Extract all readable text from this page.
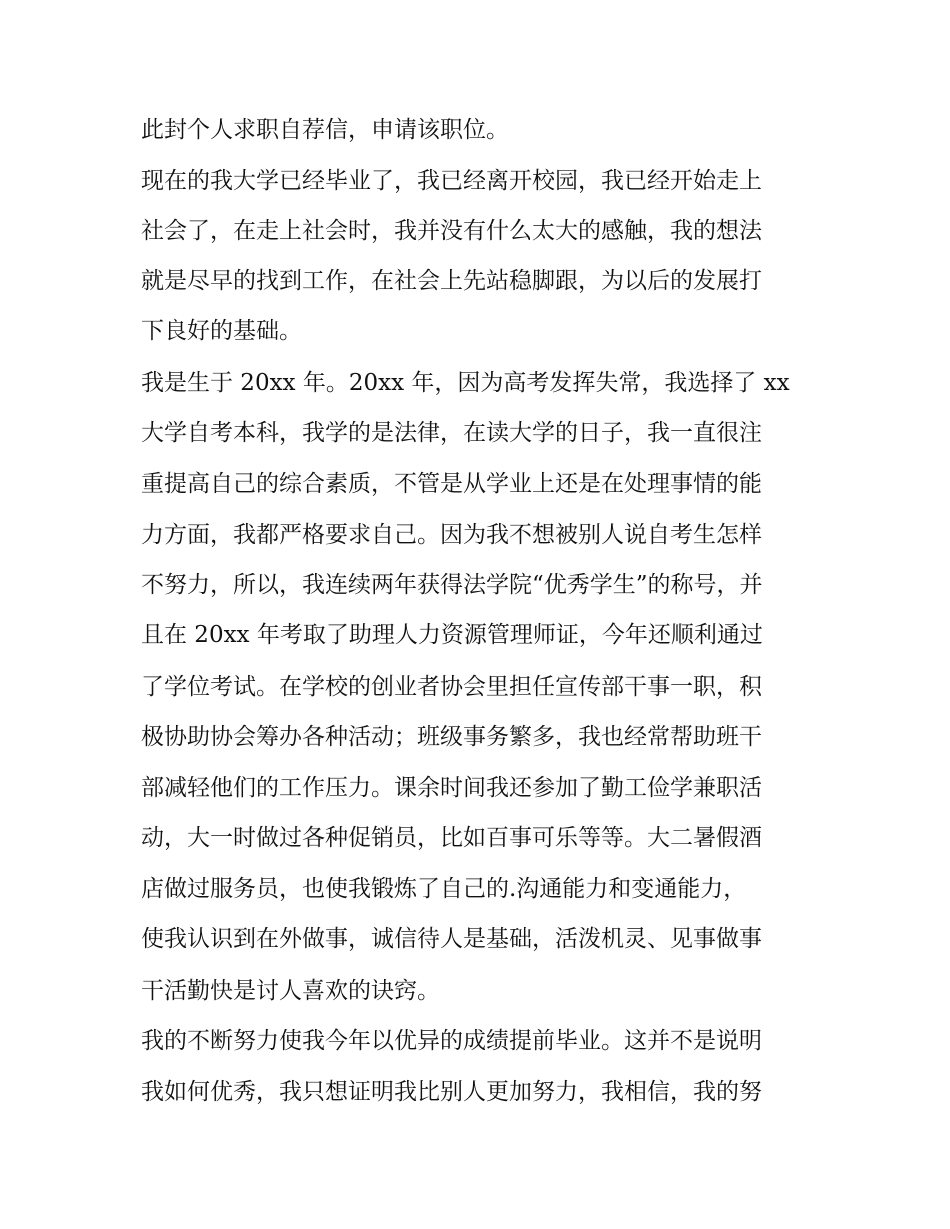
此封个人求职自荐信，申请该职位。

现在的我大学已经毕业了，我已经离开校园，我已经开始走上

社会了，在走上社会时，我并没有什么太大的感触，我的想法

就是尽早的找到工作，在社会上先站稳脚跟，为以后的发展打

下良好的基础。

我是生于 20xx 年。20xx 年，因为高考发挥失常，我选择了 xx

大学自考本科，我学的是法律，在读大学的日子，我一直很注

重提高自己的综合素质，不管是从学业上还是在处理事情的能

力方面，我都严格要求自己。因为我不想被别人说自考生怎样

不努力，所以，我连续两年获得法学院“优秀学生”的称号，并

且在 20xx 年考取了助理人力资源管理师证，今年还顺利通过

了学位考试。在学校的创业者协会里担任宣传部干事一职，积

极协助协会筹办各种活动；班级事务繁多，我也经常帮助班干

部减轻他们的工作压力。课余时间我还参加了勤工俭学兼职活

动，大一时做过各种促销员，比如百事可乐等等。大二暑假酒

店做过服务员，也使我锻炼了自己的.沟通能力和变通能力，

使我认识到在外做事，诚信待人是基础，活泼机灵、见事做事

干活勤快是讨人喜欢的诀窍。

我的不断努力使我今年以优异的成绩提前毕业。这并不是说明

我如何优秀，我只想证明我比别人更加努力，我相信，我的努
